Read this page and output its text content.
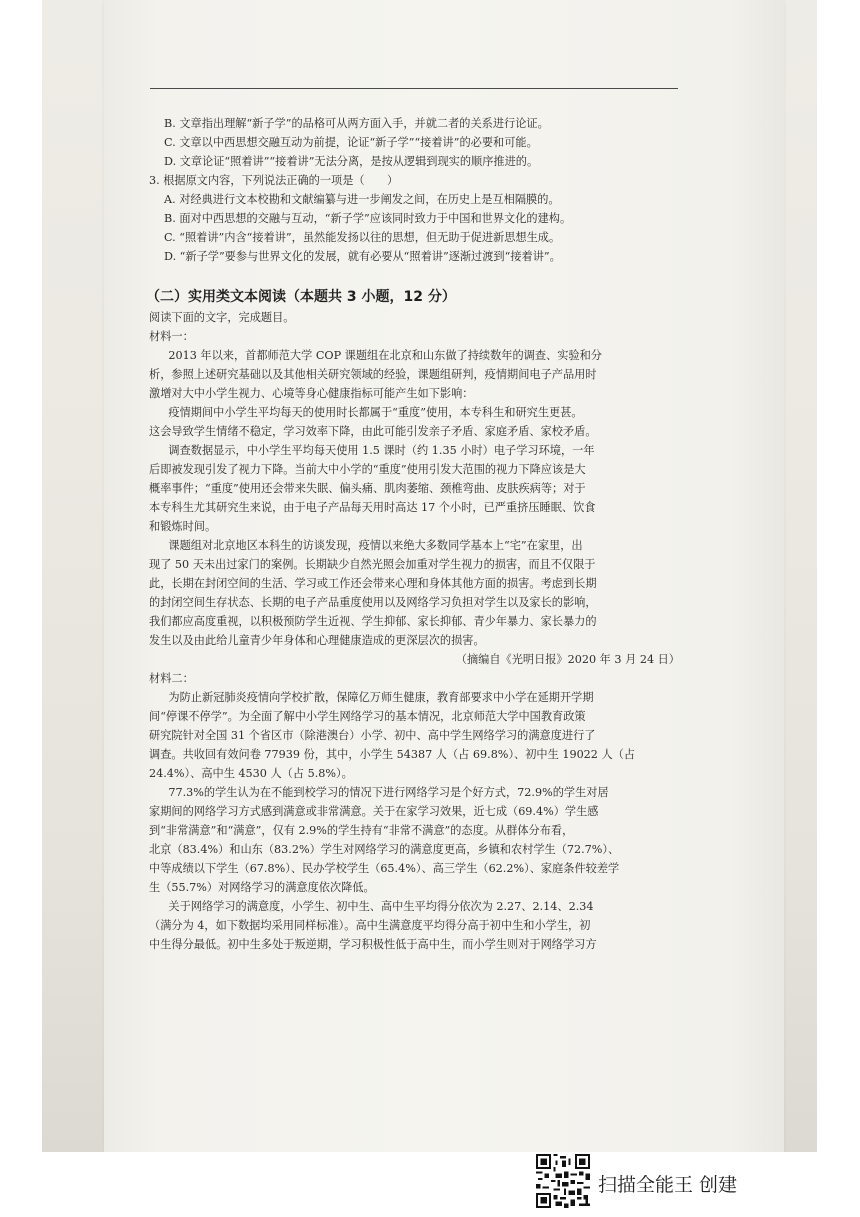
B. 文章指出理解“新子学”的品格可从两方面入手，并就二者的关系进行论证。
C. 文章以中西思想交融互动为前提，论证“新子学”“接着讲”的必要和可能。
D. 文章论证“照着讲”“接着讲”无法分离，是按从逻辑到现实的顺序推进的。
3. 根据原文内容，下列说法正确的一项是（　　）
A. 对经典进行文本校勘和文献编纂与进一步阐发之间，在历史上是互相隔膜的。
B. 面对中西思想的交融与互动，“新子学”应该同时致力于中国和世界文化的建构。
C. “照着讲”内含“接着讲”，虽然能发扬以往的思想，但无助于促进新思想生成。
D. “新子学”要参与世界文化的发展，就有必要从“照着讲”逐渐过渡到“接着讲”。
（二）实用类文本阅读（本题共 3 小题，12 分）
阅读下面的文字，完成题目。
材料一：
2013 年以来，首都师范大学 COP 课题组在北京和山东做了持续数年的调查、实验和分
析，参照上述研究基础以及其他相关研究领域的经验，课题组研判，疫情期间电子产品用时
激增对大中小学生视力、心境等身心健康指标可能产生如下影响：
疫情期间中小学生平均每天的使用时长都属于“重度”使用，本专科生和研究生更甚。
这会导致学生情绪不稳定，学习效率下降，由此可能引发亲子矛盾、家庭矛盾、家校矛盾。
调查数据显示，中小学生平均每天使用 1.5 课时（约 1.35 小时）电子学习环境，一年
后即被发现引发了视力下降。当前大中小学的“重度”使用引发大范围的视力下降应该是大
概率事件；“重度”使用还会带来失眠、偏头痛、肌肉萎缩、颈椎弯曲、皮肤疾病等；对于
本专科生尤其研究生来说，由于电子产品每天用时高达 17 个小时，已严重挤压睡眠、饮食
和锻炼时间。
课题组对北京地区本科生的访谈发现，疫情以来绝大多数同学基本上“宅”在家里，出
现了 50 天未出过家门的案例。长期缺少自然光照会加重对学生视力的损害，而且不仅限于
此，长期在封闭空间的生活、学习或工作还会带来心理和身体其他方面的损害。考虑到长期
的封闭空间生存状态、长期的电子产品重度使用以及网络学习负担对学生以及家长的影响，
我们都应高度重视，以积极预防学生近视、学生抑郁、家长抑郁、青少年暴力、家长暴力的
发生以及由此给儿童青少年身体和心理健康造成的更深层次的损害。
（摘编自《光明日报》2020 年 3 月 24 日）
材料二：
为防止新冠肺炎疫情向学校扩散，保障亿万师生健康，教育部要求中小学在延期开学期
间“停课不停学”。为全面了解中小学生网络学习的基本情况，北京师范大学中国教育政策
研究院针对全国 31 个省区市（除港澳台）小学、初中、高中学生网络学习的满意度进行了
调查。共收回有效问卷 77939 份，其中，小学生 54387 人（占 69.8%）、初中生 19022 人（占
24.4%）、高中生 4530 人（占 5.8%）。
77.3%的学生认为在不能到校学习的情况下进行网络学习是个好方式，72.9%的学生对居
家期间的网络学习方式感到满意或非常满意。关于在家学习效果，近七成（69.4%）学生感
到“非常满意”和“满意”，仅有 2.9%的学生持有“非常不满意”的态度。从群体分布看，
北京（83.4%）和山东（83.2%）学生对网络学习的满意度更高，乡镇和农村学生（72.7%）、
中等成绩以下学生（67.8%）、民办学校学生（65.4%）、高三学生（62.2%）、家庭条件较差学
生（55.7%）对网络学习的满意度依次降低。
关于网络学习的满意度，小学生、初中生、高中生平均得分依次为 2.27、2.14、2.34
（满分为 4，如下数据均采用同样标准）。高中生满意度平均得分高于初中生和小学生，初
中生得分最低。初中生多处于叛逆期，学习积极性低于高中生，而小学生则对于网络学习方
扫描全能王 创建
